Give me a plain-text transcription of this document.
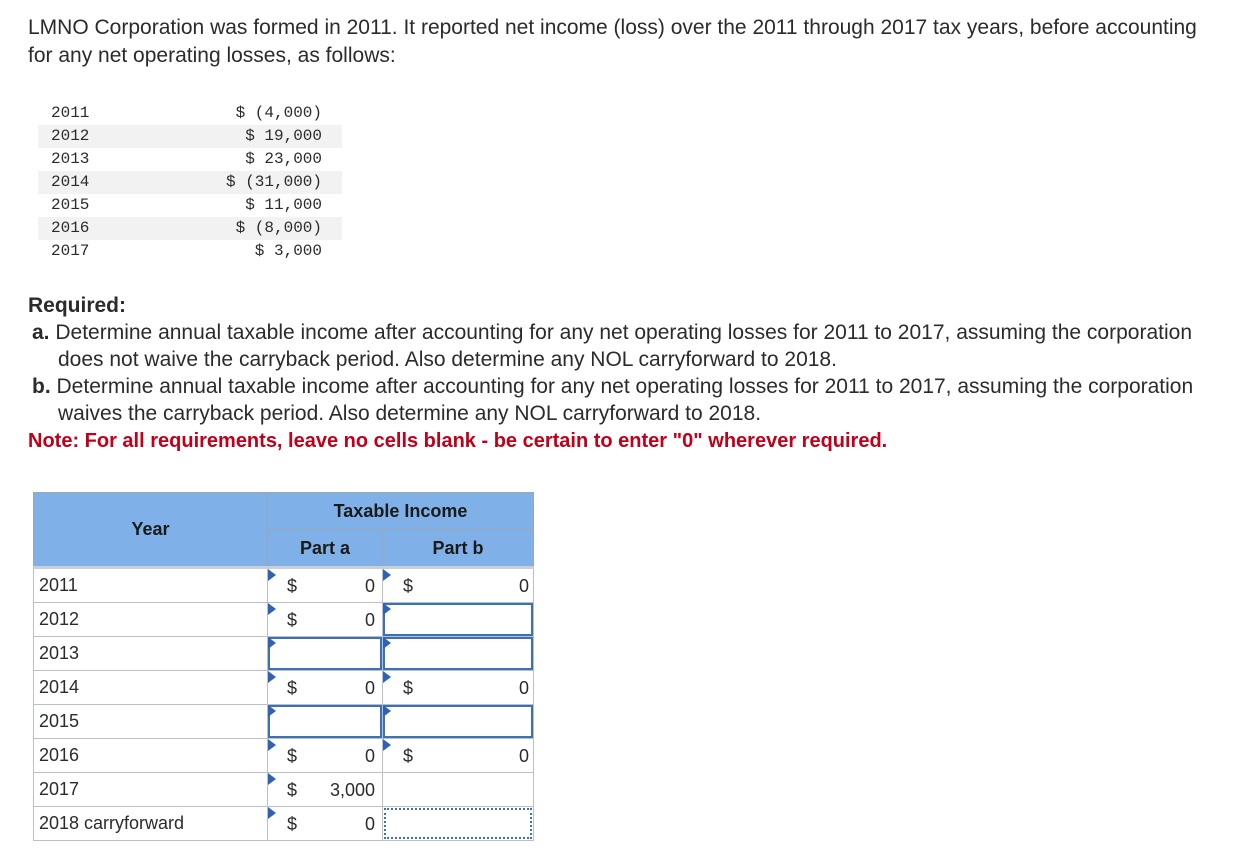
LMNO Corporation was formed in 2011. It reported net income (loss) over the 2011 through 2017 tax years, before accounting for any net operating losses, as follows:
2011	$ (4,000)
2012	$ 19,000
2013	$ 23,000
2014	$ (31,000)
2015	$ 11,000
2016	$ (8,000)
2017	$ 3,000
Required:
a. Determine annual taxable income after accounting for any net operating losses for 2011 to 2017, assuming the corporation does not waive the carryback period. Also determine any NOL carryforward to 2018.
b. Determine annual taxable income after accounting for any net operating losses for 2011 to 2017, assuming the corporation waives the carryback period. Also determine any NOL carryforward to 2018.
Note: For all requirements, leave no cells blank - be certain to enter "0" wherever required.
Year	Taxable Income	
	Part a	Part b
2011	$ 0	$ 0

2012	$ 0	

2013	

2014	$ 0	$ 0

2015	

2016	$ 0	$ 0

2017	$ 3,000	

2018 carryforward	$ 0	
